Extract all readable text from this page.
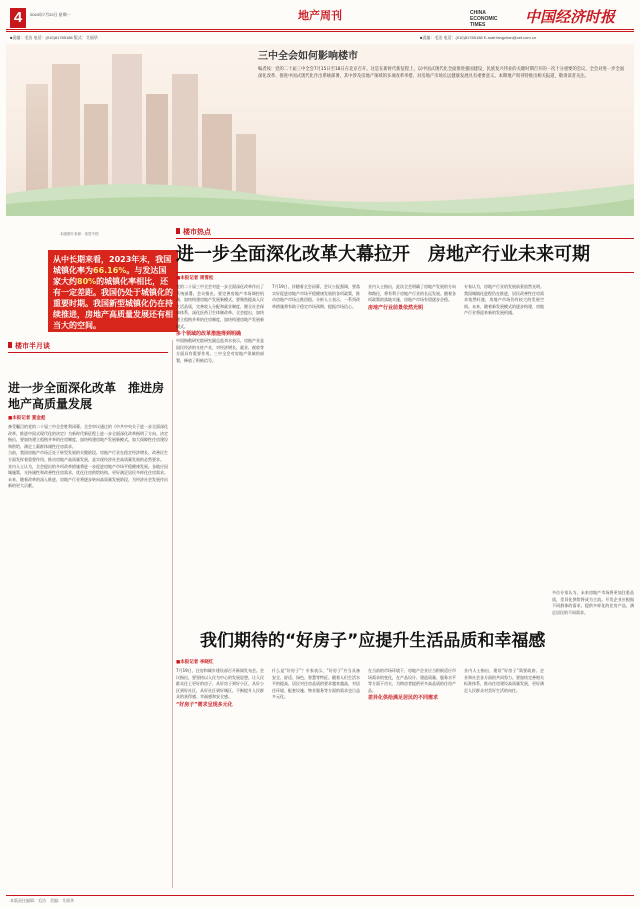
4	2024年7月22日 星期一	地产周刊	CHINA ECONOMIC TIMES	中国经济时报
■责编：毛洁 电话：(010)81785188 版式：艾丽华	■责编：毛洁 电话：(010)81785188 E-mail:fangchan@cet.com.cn
三中全会如何影响楼市
编者按：党的二十届三中全会7月15日至18日在北京召开。这是在新时代新征程上，以中国式现代化全面推进强国建设、民族复兴伟业的关键时期召开的一次十分重要的会议。全会对进一步全面深化改革、推进中国式现代化作出系统部署，其中涉及房地产领域的多项改革举措，对房地产市场长远健康发展具有重要意义。本期地产周刊特推出相关报道，敬请读者关注。
本版图片来源：视觉中国
从中长期来看，2023年末，我国城镇化率为66.16%。与发达国家大约80%的城镇化率相比，还有一定差距。我国仍处于城镇化的重要时期。我国新型城镇化仍在持续推进，房地产高质量发展还有相当大的空间。
楼市热点
进一步全面深化改革大幕拉开　房地产行业未来可期
■本报记者 周雪松
党的二十届三中全会对进一步全面深化改革作出了系统部署。会议指出，要完善房地产市场调控机制，加快构建房地产发展新模式，要聚焦提高人民生活品质，完善收入分配和就业制度，健全社会保障体系，深化医药卫生体制改革。全会提出，加快建立租购并举的住房制度，加快构建房地产发展新模式。
多个领域的改革措施得到明确
中国指数研究院研究副总监刘水表示，房地产业是国民经济的支柱产业，对经济增长、就业、税收等方面具有重要作用。三中全会对房地产领域的部署，释放了积极信号。
7月19日，伴随着全会闭幕，会议公报强调，要落实好促进房地产市场平稳健康发展的各项政策，推动房地产市场止跌回稳。分析人士表示，一系列改革措施将有助于稳定市场预期，提振市场信心。
业内人士指出，此次全会明确了房地产发展的方向和路径，将有利于房地产行业的长远发展。随着各项政策的落地实施，房地产市场有望逐步企稳。
房地产行业前景依然光明
专家认为，房地产行业的发展前景依然光明。我国城镇化进程仍在推进，居民改善性住房需求依然旺盛，房地产市场仍有较大的发展空间。未来，随着新发展模式的逐步构建，房地产行业将迎来新的发展机遇。
楼市半月谈
进一步全面深化改革　推进房地产高质量发展
■本报记者 夏金彪
备受瞩目的党的二十届三中全会胜利闭幕。全会审议通过的《中共中央关于进一步全面深化改革、推进中国式现代化的决定》为新时代新征程上进一步全面深化改革指明了方向。决定指出，要加快建立租购并举的住房制度，加快构建房地产发展新模式，加大保障性住房建设和供给，满足工薪群体刚性住房需求。
当前，我国房地产市场正处于转型发展的关键阶段。房地产行业在稳定经济增长、改善民生方面发挥着重要作用。推动房地产高质量发展，是实现经济社会高质量发展的必然要求。
业内人士认为，全会提出的多项改革措施将进一步促进房地产市场平稳健康发展。各地应因城施策，支持刚性和改善性住房需求，优化住房供给结构，更好满足居民多样化住房需求。
未来，随着改革的深入推进，房地产行业将逐步转向高质量发展阶段，为经济社会发展作出新的更大贡献。
我们期待的“好房子”应提升生活品质和幸福感
■本报记者 李晓红
7月19日，住房和城乡建设部召开新闻发布会。会议指出，要坚持以人民为中心的发展思想，让人民群众住上更好的房子，从好房子到好小区，从好小区到好社区，从好社区到好城区，不断提升人民群众的获得感、幸福感和安全感。
“好房子”需求呈现多元化
什么是“好房子”？专家表示，“好房子”应当具备安全、舒适、绿色、智慧等特征。随着人们生活水平的提高，居民对住房品质的要求越来越高，对居住环境、配套设施、物业服务等方面的需求也日益多元化。
在当前的市场环境下，房地产企业应当积极适应市场需求的变化，在产品设计、建造质量、服务水平等方面下功夫，为购房者提供更多高品质的住房产品。
差异化供给满足居民的不同需求
业内人士指出，建设“好房子”需要政府、企业和社会各方面的共同努力。要加快完善相关标准体系，推动住房建设高质量发展，更好满足人民群众对美好生活的向往。
多位专家认为，未来房地产市场将更加注重品质，差异化供给将成为主流。开发企业应根据不同群体的需求，提供多样化的住房产品，满足居民的不同需求。
本版责任编辑：毛洁　美编：艾丽华
